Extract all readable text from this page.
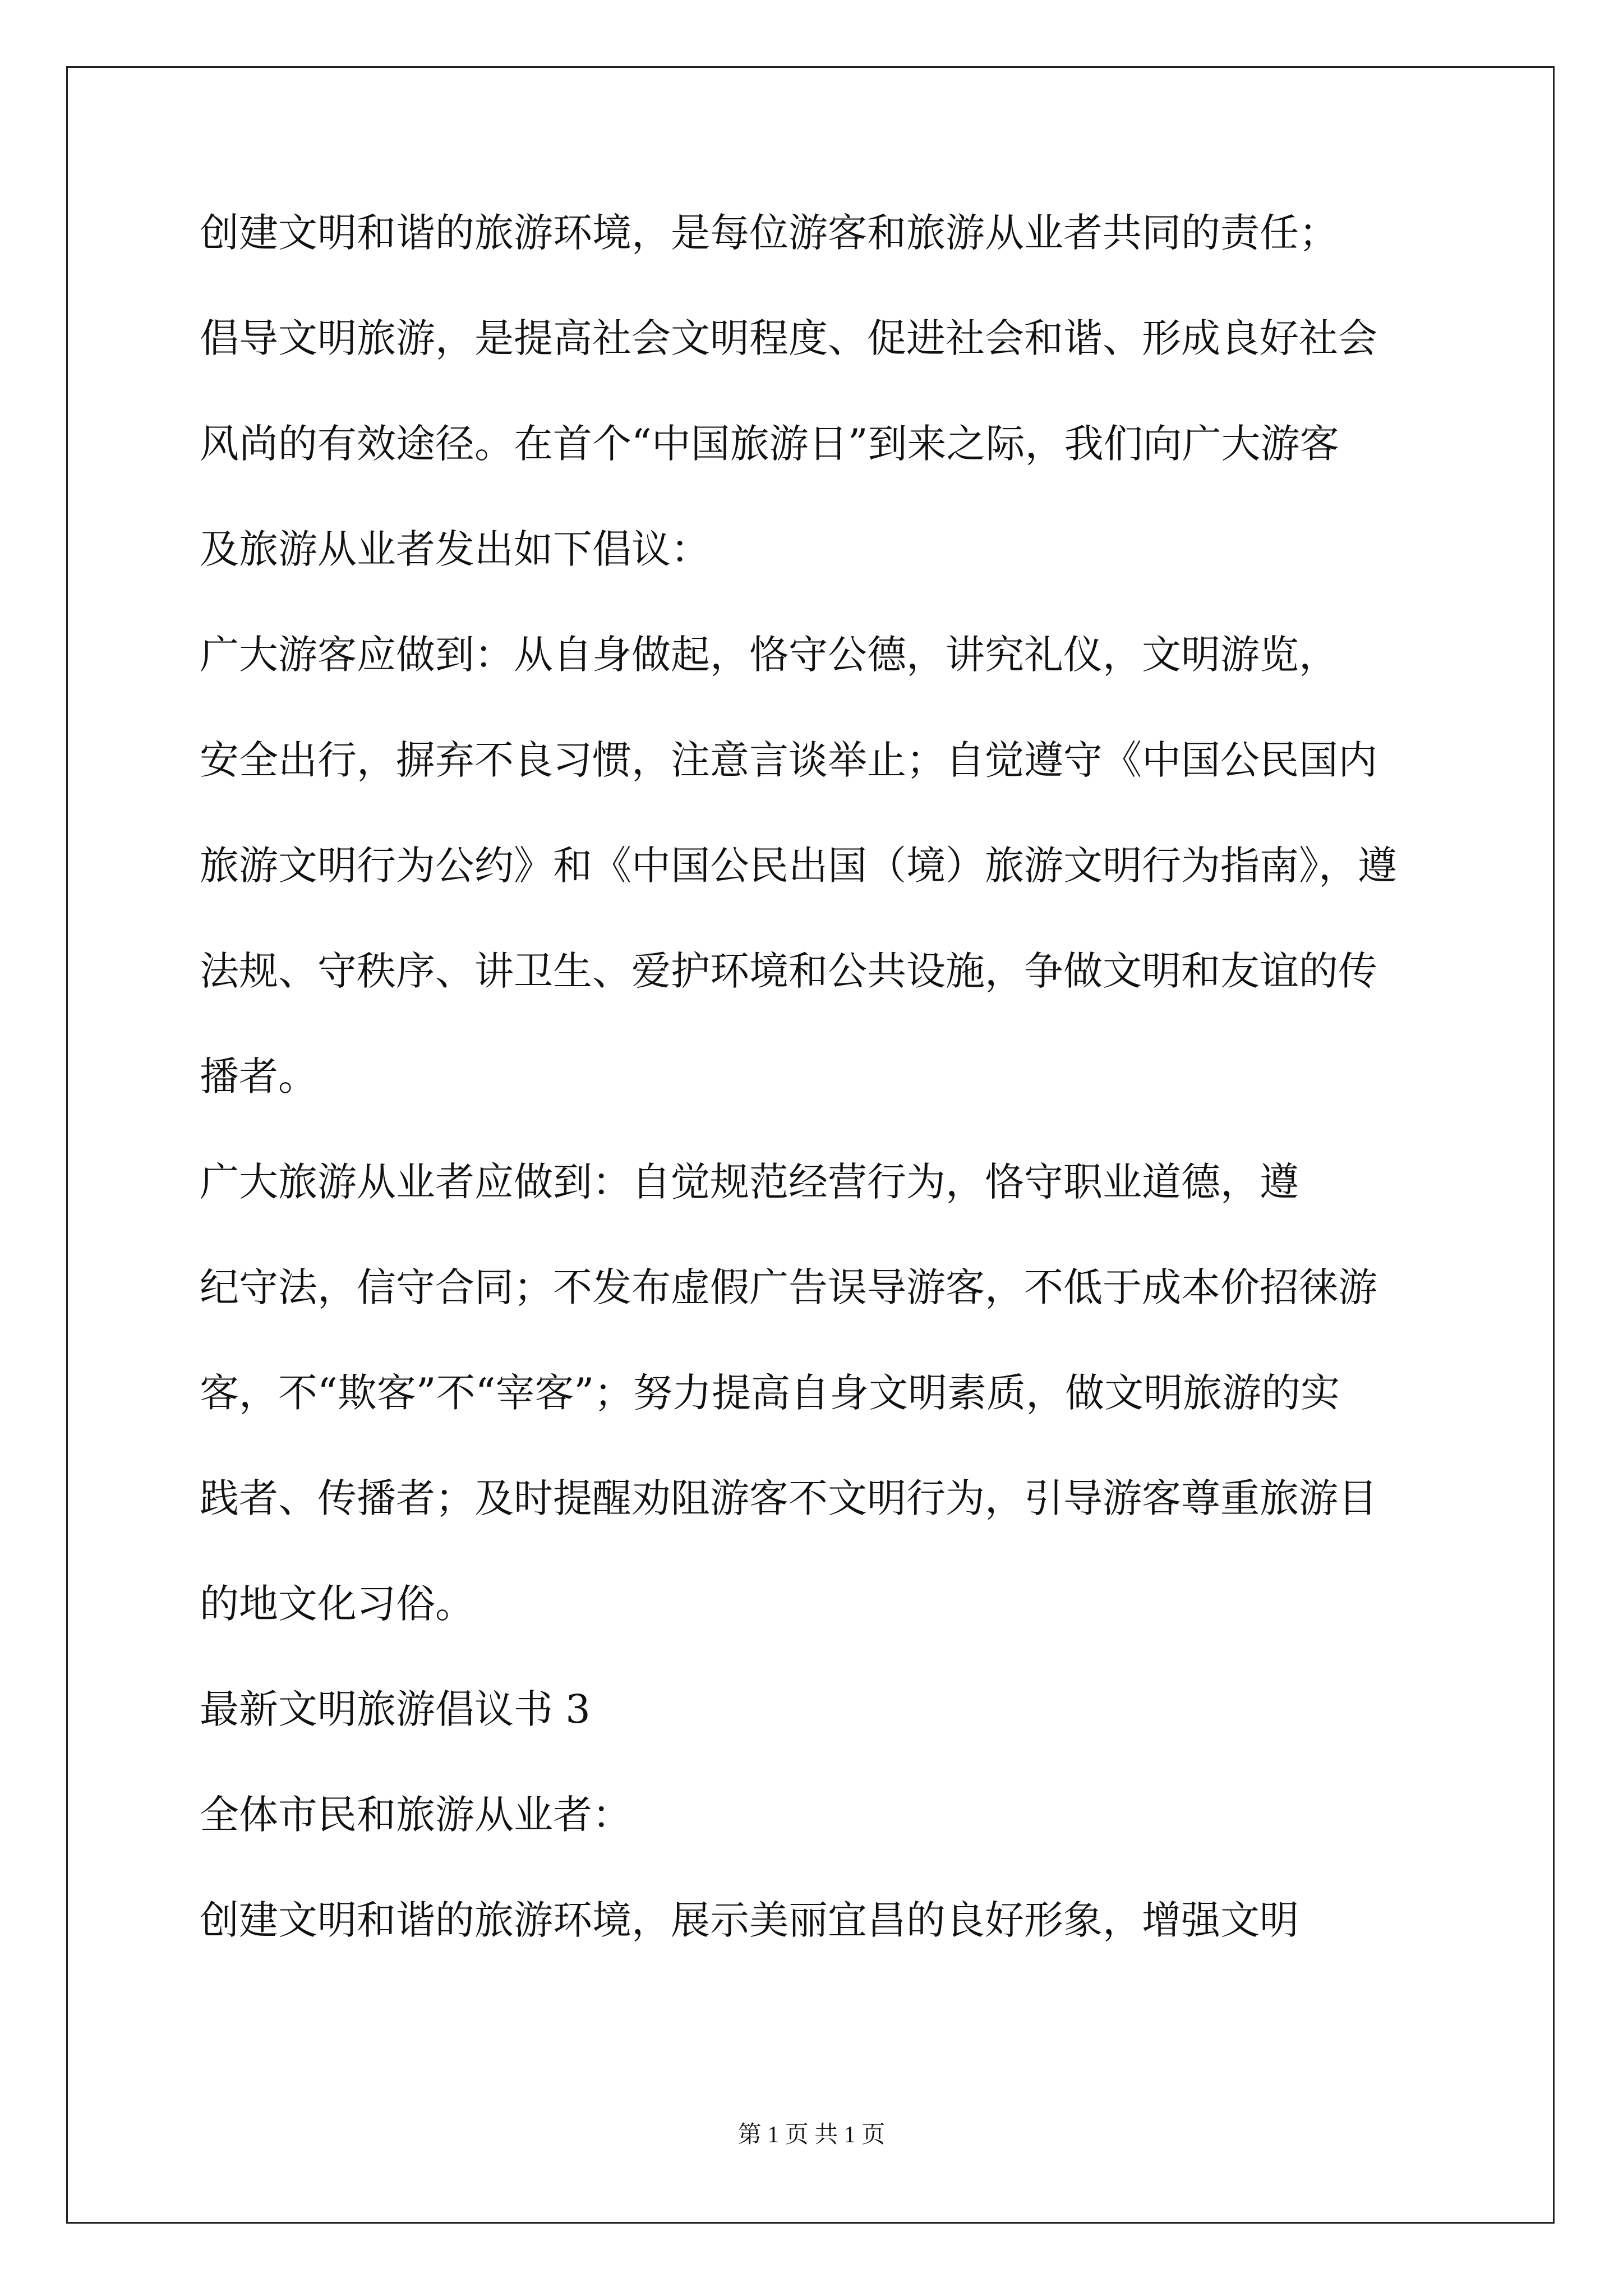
创建文明和谐的旅游环境，是每位游客和旅游从业者共同的责任；
倡导文明旅游，是提高社会文明程度、促进社会和谐、形成良好社会
风尚的有效途径。在首个“中国旅游日”到来之际，我们向广大游客
及旅游从业者发出如下倡议：
广大游客应做到：从自身做起，恪守公德，讲究礼仪，文明游览，
安全出行，摒弃不良习惯，注意言谈举止；自觉遵守《中国公民国内
旅游文明行为公约》和《中国公民出国（境）旅游文明行为指南》，遵
法规、守秩序、讲卫生、爱护环境和公共设施，争做文明和友谊的传
播者。
广大旅游从业者应做到：自觉规范经营行为，恪守职业道德，遵
纪守法，信守合同；不发布虚假广告误导游客，不低于成本价招徕游
客，不“欺客”不“宰客”；努力提高自身文明素质，做文明旅游的实
践者、传播者；及时提醒劝阻游客不文明行为，引导游客尊重旅游目
的地文化习俗。
最新文明旅游倡议书 3
全体市民和旅游从业者：
创建文明和谐的旅游环境，展示美丽宜昌的良好形象，增强文明
第 1 页 共 1 页
